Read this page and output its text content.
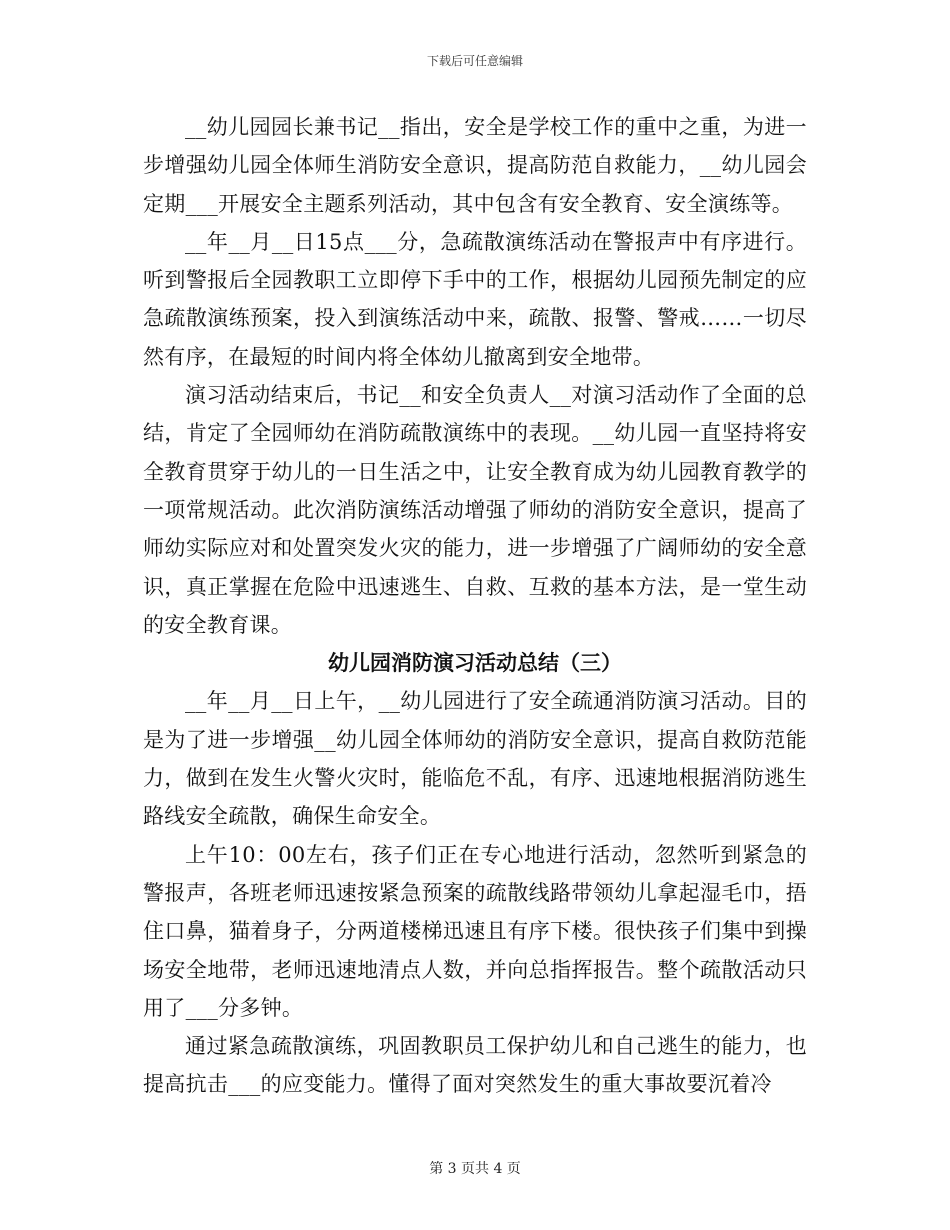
下载后可任意编辑

__幼儿园园长兼书记__指出，安全是学校工作的重中之重，为进一步增强幼儿园全体师生消防安全意识，提高防范自救能力，__幼儿园会定期___开展安全主题系列活动，其中包含有安全教育、安全演练等。

__年__月__日15点___分，急疏散演练活动在警报声中有序进行。听到警报后全园教职工立即停下手中的工作，根据幼儿园预先制定的应急疏散演练预案，投入到演练活动中来，疏散、报警、警戒……一切尽然有序，在最短的时间内将全体幼儿撤离到安全地带。

演习活动结束后，书记__和安全负责人__对演习活动作了全面的总结，肯定了全园师幼在消防疏散演练中的表现。__幼儿园一直坚持将安全教育贯穿于幼儿的一日生活之中，让安全教育成为幼儿园教育教学的一项常规活动。此次消防演练活动增强了师幼的消防安全意识，提高了师幼实际应对和处置突发火灾的能力，进一步增强了广阔师幼的安全意识，真正掌握在危险中迅速逃生、自救、互救的基本方法，是一堂生动的安全教育课。

幼儿园消防演习活动总结（三）

__年__月__日上午，__幼儿园进行了安全疏通消防演习活动。目的是为了进一步增强__幼儿园全体师幼的消防安全意识，提高自救防范能力，做到在发生火警火灾时，能临危不乱，有序、迅速地根据消防逃生路线安全疏散，确保生命安全。

上午10：00左右，孩子们正在专心地进行活动，忽然听到紧急的警报声，各班老师迅速按紧急预案的疏散线路带领幼儿拿起湿毛巾，捂住口鼻，猫着身子，分两道楼梯迅速且有序下楼。很快孩子们集中到操场安全地带，老师迅速地清点人数，并向总指挥报告。整个疏散活动只用了___分多钟。

通过紧急疏散演练，巩固教职员工保护幼儿和自己逃生的能力，也提高抗击___的应变能力。懂得了面对突然发生的重大事故要沉着冷

第 3 页共 4 页
